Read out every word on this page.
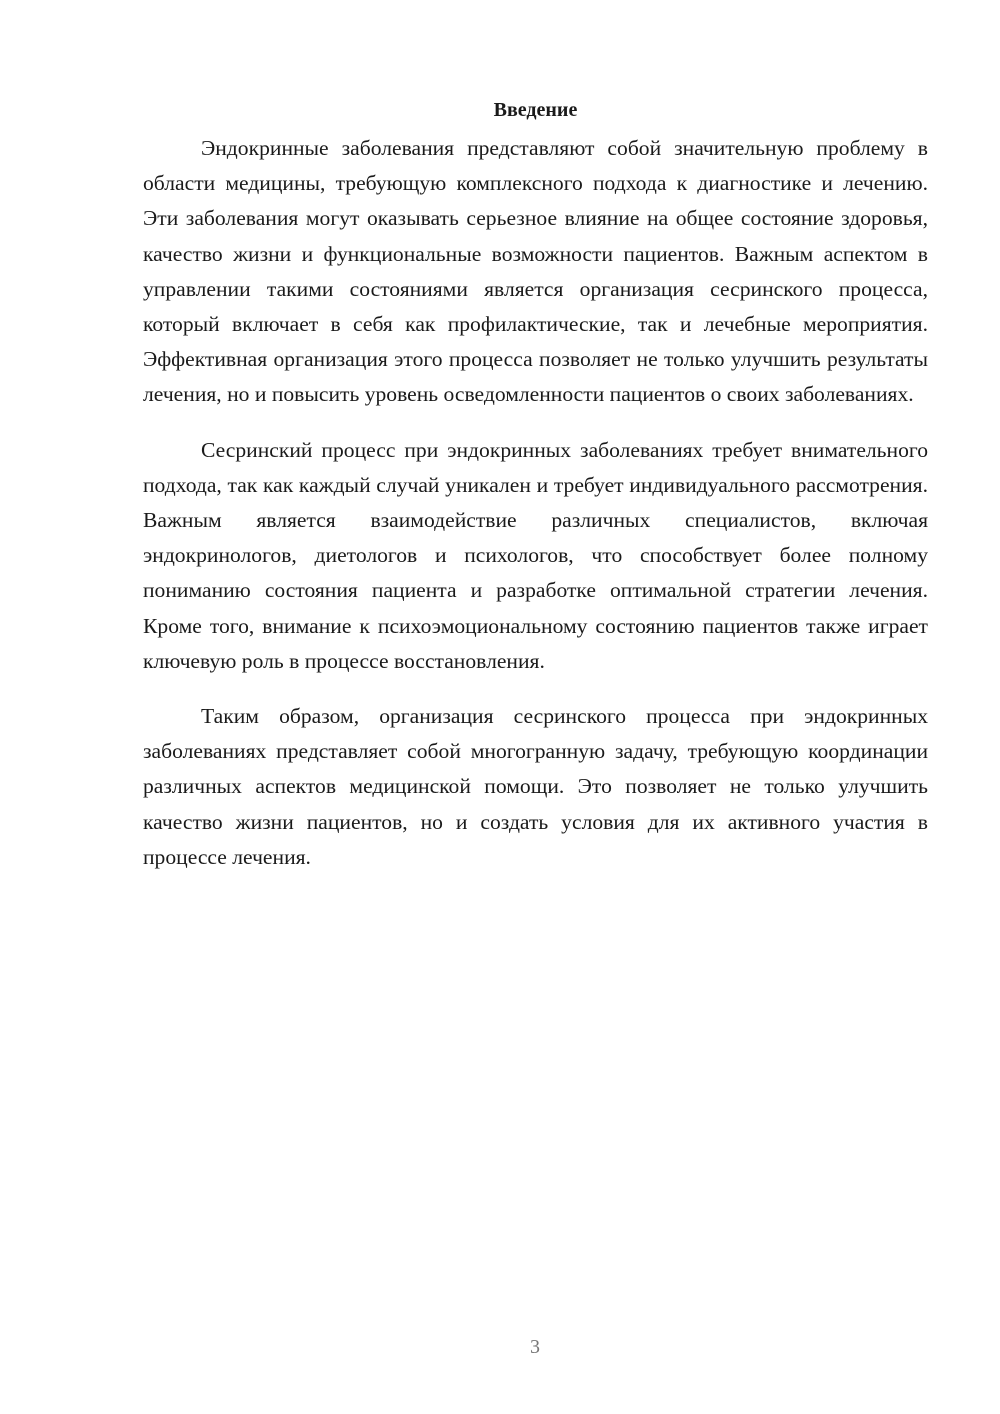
Введение

Эндокринные заболевания представляют собой значительную проблему в области медицины, требующую комплексного подхода к диагностике и лечению. Эти заболевания могут оказывать серьезное влияние на общее состояние здоровья, качество жизни и функциональные возможности пациентов. Важным аспектом в управлении такими состояниями является организация сесринского процесса, который включает в себя как профилактические, так и лечебные мероприятия. Эффективная организация этого процесса позволяет не только улучшить результаты лечения, но и повысить уровень осведомленности пациентов о своих заболеваниях.

Сесринский процесс при эндокринных заболеваниях требует внимательного подхода, так как каждый случай уникален и требует индивидуального рассмотрения. Важным является взаимодействие различных специалистов, включая эндокринологов, диетологов и психологов, что способствует более полному пониманию состояния пациента и разработке оптимальной стратегии лечения. Кроме того, внимание к психоэмоциональному состоянию пациентов также играет ключевую роль в процессе восстановления.

Таким образом, организация сесринского процесса при эндокринных заболеваниях представляет собой многогранную задачу, требующую координации различных аспектов медицинской помощи. Это позволяет не только улучшить качество жизни пациентов, но и создать условия для их активного участия в процессе лечения.

3
